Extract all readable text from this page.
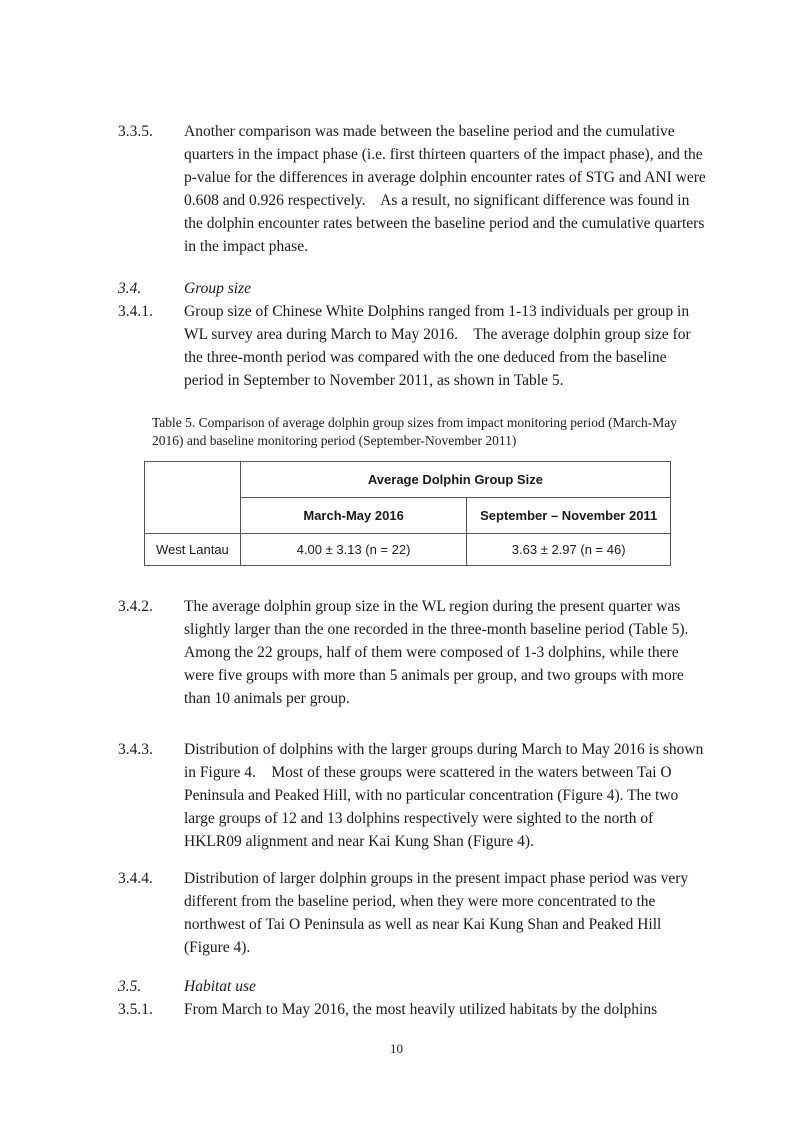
3.3.5. Another comparison was made between the baseline period and the cumulative quarters in the impact phase (i.e. first thirteen quarters of the impact phase), and the p-value for the differences in average dolphin encounter rates of STG and ANI were 0.608 and 0.926 respectively.    As a result, no significant difference was found in the dolphin encounter rates between the baseline period and the cumulative quarters in the impact phase.
3.4.	Group size
3.4.1. Group size of Chinese White Dolphins ranged from 1-13 individuals per group in WL survey area during March to May 2016.    The average dolphin group size for the three-month period was compared with the one deduced from the baseline period in September to November 2011, as shown in Table 5.
Table 5. Comparison of average dolphin group sizes from impact monitoring period (March-May 2016) and baseline monitoring period (September-November 2011)
	Average Dolphin Group Size	
	March-May 2016	September – November 2011
West Lantau	4.00 ± 3.13 (n = 22)	3.63 ± 2.97 (n = 46)
3.4.2. The average dolphin group size in the WL region during the present quarter was slightly larger than the one recorded in the three-month baseline period (Table 5).    Among the 22 groups, half of them were composed of 1-3 dolphins, while there were five groups with more than 5 animals per group, and two groups with more than 10 animals per group.
3.4.3. Distribution of dolphins with the larger groups during March to May 2016 is shown in Figure 4.    Most of these groups were scattered in the waters between Tai O Peninsula and Peaked Hill, with no particular concentration (Figure 4). The two large groups of 12 and 13 dolphins respectively were sighted to the north of HKLR09 alignment and near Kai Kung Shan (Figure 4).
3.4.4. Distribution of larger dolphin groups in the present impact phase period was very different from the baseline period, when they were more concentrated to the northwest of Tai O Peninsula as well as near Kai Kung Shan and Peaked Hill (Figure 4).
3.5.	Habitat use
3.5.1. From March to May 2016, the most heavily utilized habitats by the dolphins
10
